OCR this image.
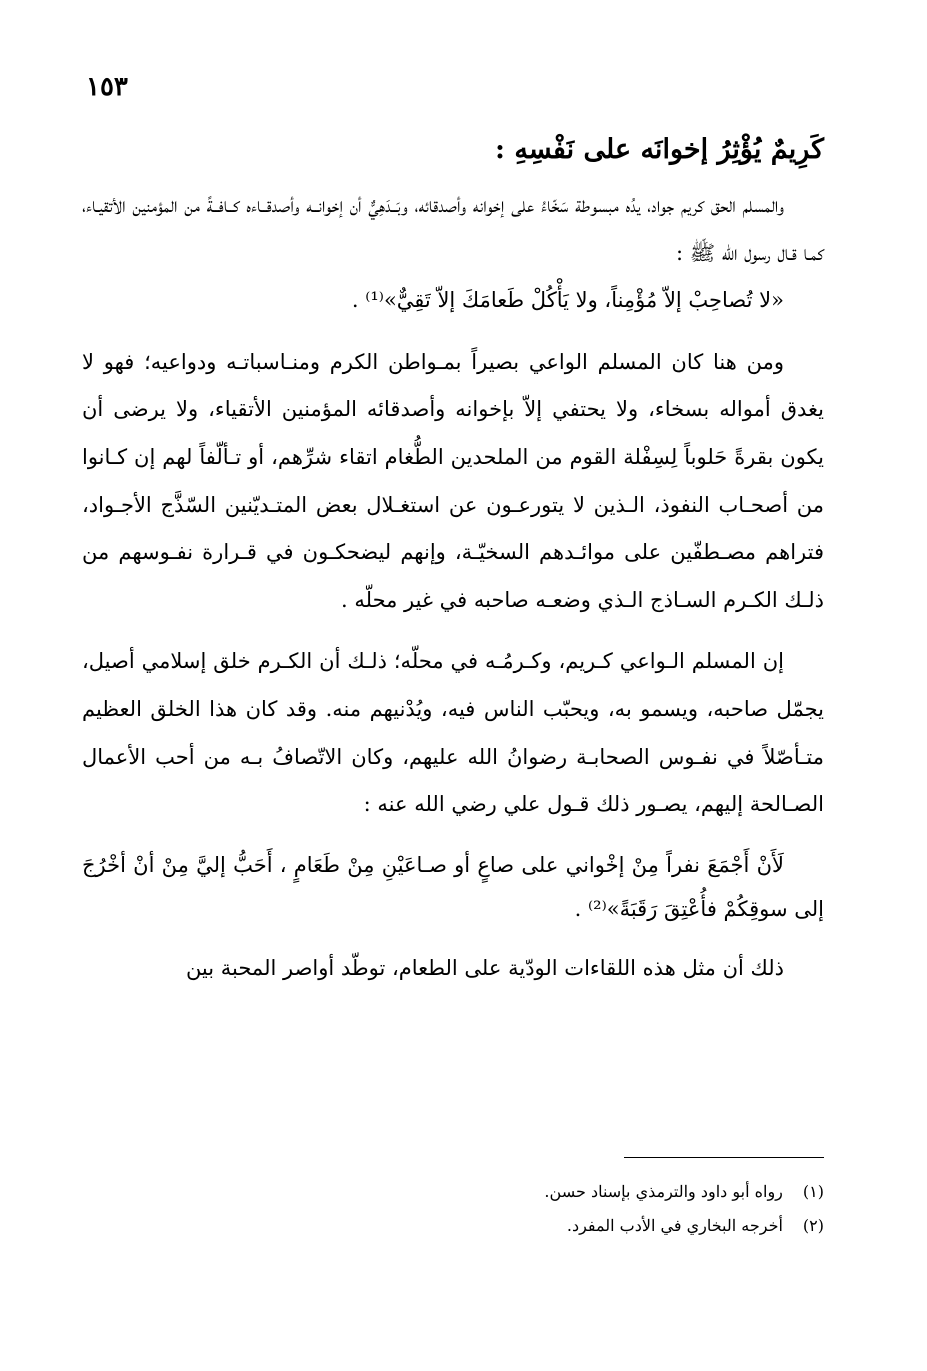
١٥٣
كَرِيمٌ يُؤْثِرُ إخوانَه على نَفْسِهِ :

والمسلم الحق كريم جواد، يدُه مبسوطة سَخّاءُ على إخوانه وأصدقائه، وبَــدَهِيٌّ أن إخوانــه وأصدقــاءه كــافــةً من المؤمنين الأتقيـاء، كمـا قـال رسول الله ﷺ :

«لا تُصاحِبْ إلاّ مُؤْمِناً، ولا يَأْكُلْ طَعامَكَ إلاّ تَقِيٌّ»⁽¹⁾ .

ومن هنا كان المسلم الواعي بصيراً بمـواطن الكرم ومنـاسباتـه ودواعيه؛ فهو لا يغدق أمواله بسخاء، ولا يحتفي إلاّ بإخوانه وأصدقائه المؤمنين الأتقياء، ولا يرضى أن يكون بقرةً حَلوباً لِسِفْلة القوم من الملحدين الطُّغام اتقاء شرِّهم، أو تـألّفاً لهم إن كـانوا من أصحـاب النفوذ، الـذين لا يتورعـون عن استغـلال بعض المتـديّنين السّذَّج الأجـواد، فتراهم مصـطفّين على موائـدهم السخيّـة، وإنهم ليضحكـون في قـرارة نفـوسهم من ذلـك الكـرم السـاذج الـذي وضعـه صاحبه في غير محلّه .

إن المسلم الـواعي كـريم، وكـرمُـه في محلّه؛ ذلـك أن الكـرم خلق إسلامي أصيل، يجمّل صاحبه، ويسمو به، ويحبّب الناس فيه، ويُدْنيهم منه. وقد كان هذا الخلق العظيم متـأصّلاً في نفـوس الصحابـة رضوانُ الله عليهم، وكان الاتّصافُ بـه من أحب الأعمال الصـالحة إليهم، يصـور ذلك قـول علي رضي الله عنه :

لَأَنْ أَجْمَعَ نفراً مِنْ إخْواني على صاعٍ أو صـاعَيْنِ مِنْ طَعَامٍ ، أَحَبُّ إليَّ مِنْ أنْ أخْرُجَ إلى سوقِكُمْ فأُعْتِقَ رَقَبَةً»⁽²⁾ .

ذلك أن مثل هذه اللقاءات الودّية على الطعام، توطّد أواصر المحبة بين

(١) رواه أبو داود والترمذي بإسناد حسن.

(٢) أخرجه البخاري في الأدب المفرد.
